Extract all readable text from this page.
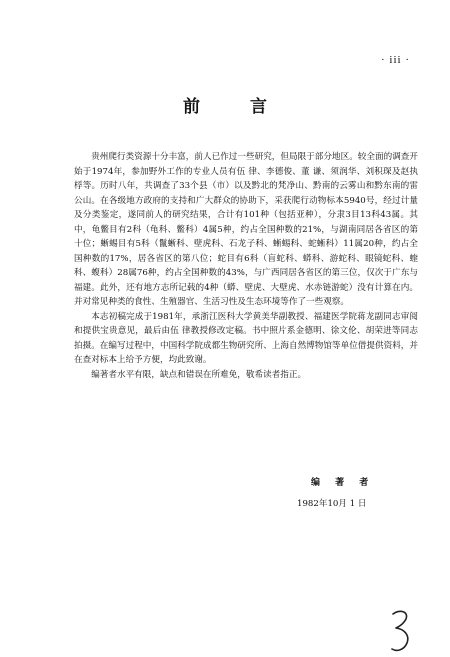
· iii ·
前 言

贵州爬行类资源十分丰富，前人已作过一些研究，但局限于部分地区。较全面的调查开始于1974年，参加野外工作的专业人员有伍 律、李德俊、董 谦、须润华、刘积琛及赵执桴等。历时八年，共调查了33个县（市）以及黔北的梵净山、黔南的云雾山和黔东南的雷公山。在各级地方政府的支持和广大群众的协助下，采获爬行动物标本5940号，经过计量及分类鉴定，遂同前人的研究结果，合计有101种（包括亚种），分隶3目13科43属。其中，龟鳖目有2科（龟科、鳖科）4属5种，约占全国种数的21%，与湖南同居各省区的第十位；蜥蜴目有5科（鬣蜥科、壁虎科、石龙子科、蜥蜴科、蛇蜥科）11属20种，约占全国种数的17%，居各省区的第八位；蛇目有6科（盲蛇科、蟒科、游蛇科、眼镜蛇科、蝰科、蝮科）28属76种，约占全国种数的43%，与广西同居各省区的第三位，仅次于广东与福建。此外，还有地方志所记载的4种（蟒、壁虎、大壁虎、水赤链游蛇）没有计算在内。并对常见种类的食性、生殖器官、生活习性及生态环境等作了一些观察。

本志初稿完成于1981年，承浙江医科大学黄美华副教授、福建医学院蒋龙副同志审阅和提供宝贵意见，最后由伍 律教授修改定稿。书中照片系金德明、徐文伦、胡荣进等同志拍摄。在编写过程中，中国科学院成都生物研究所、上海自然博物馆等单位借提供资料，并在查对标本上给予方便，均此致谢。

编著者水平有限，缺点和错误在所难免，敬希读者指正。

编 著 者
1982年10月 1 日
